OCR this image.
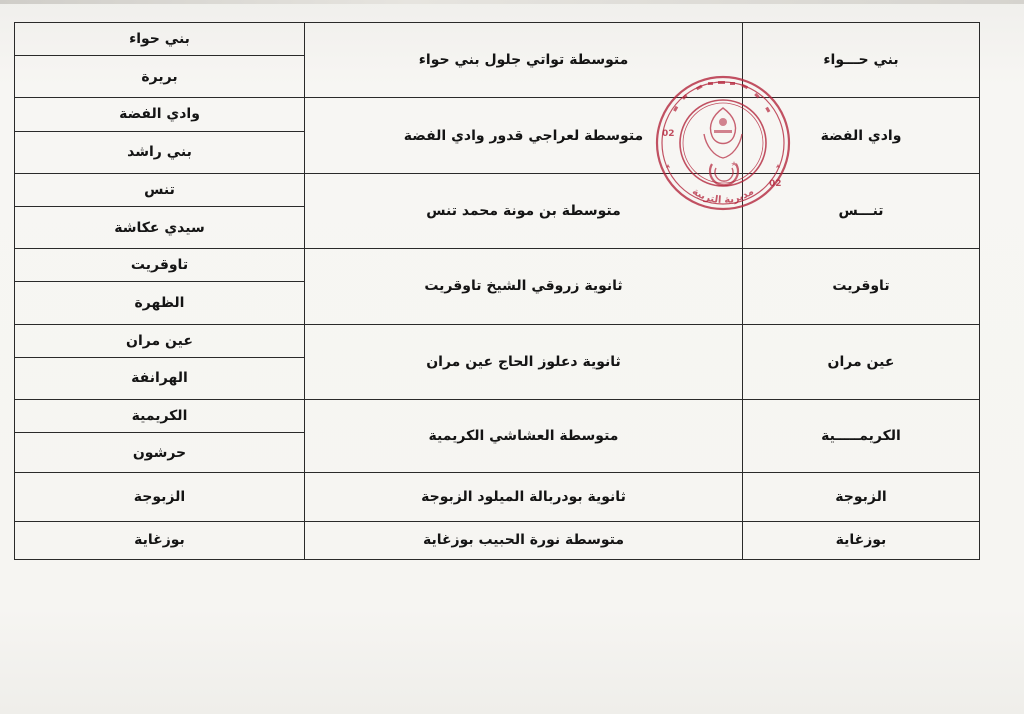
بني حـــواء	متوسطة تواتي جلول بني حواء	بني حواء
		بريرة
وادي الفضة	متوسطة لعراجي قدور وادي الفضة	وادي الفضة
		بني راشد
تنـــس	متوسطة بن مونة محمد تنس	تنس
		سيدي عكاشة
تاوقريت	ثانوية زروقي الشيخ تاوقريت	تاوقريت
		الظهرة
عين مران	ثانوية دعلوز الحاج عين مران	عين مران
		الهرانفة
الكريمـــــية	متوسطة العشاشي الكريمية	الكريمية
		حرشون
الزبوجة	ثانوية بودربالة الميلود الزبوجة	الزبوجة
بوزغاية	متوسطة نورة الحبيب بوزغاية	بوزغاية
02
02
مديرية التربية
